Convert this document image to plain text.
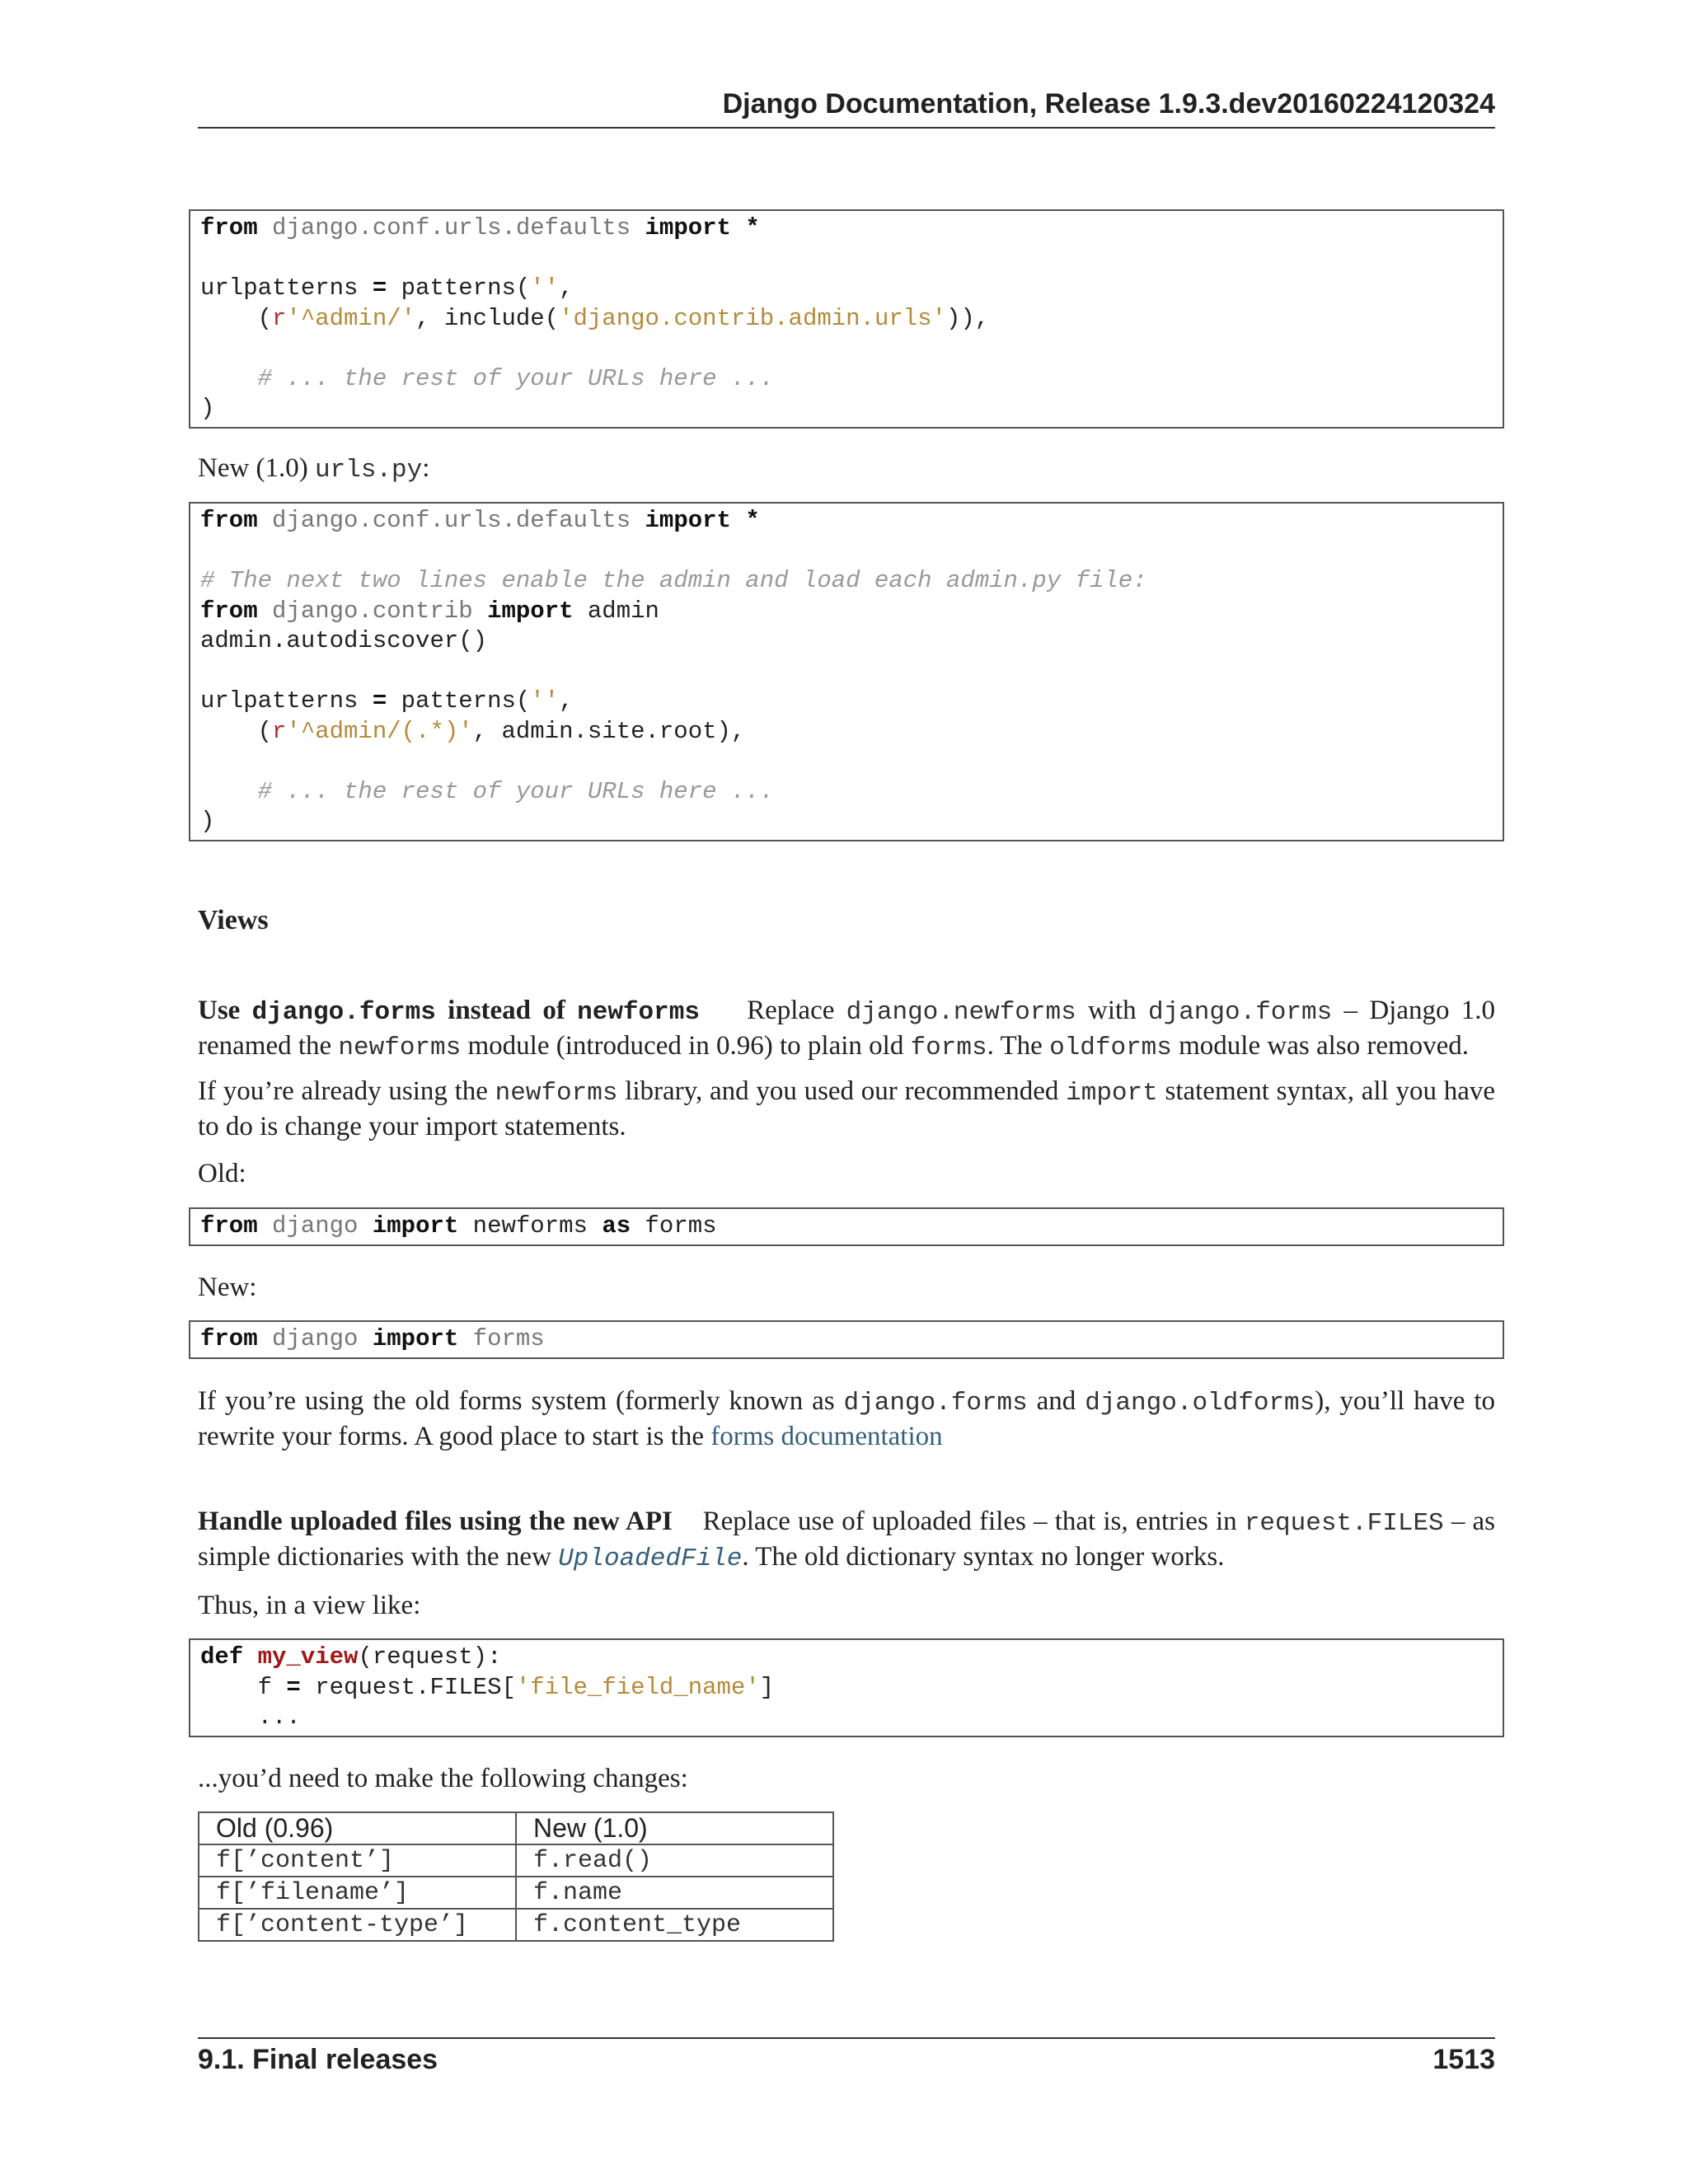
Django Documentation, Release 1.9.3.dev20160224120324
from django.conf.urls.defaults import *
urlpatterns = patterns('',
(r'^admin/', include('django.contrib.admin.urls')),
# ... the rest of your URLs here ...
)
New (1.0) urls.py:
from django.conf.urls.defaults import *
# The next two lines enable the admin and load each admin.py file:
from django.contrib import admin
admin.autodiscover()
urlpatterns = patterns('',
(r'^admin/(.*)', admin.site.root),
# ... the rest of your URLs here ...
)
Views
Use django.forms instead of newforms Replace django.newforms with django.forms – Django 1.0 renamed the newforms module (introduced in 0.96) to plain old forms. The oldforms module was also removed.
If you’re already using the newforms library, and you used our recommended import statement syntax, all you have to do is change your import statements.
Old:
from django import newforms as forms
New:
from django import forms
If you’re using the old forms system (formerly known as django.forms and django.oldforms), you’ll have to rewrite your forms. A good place to start is the forms documentation
Handle uploaded files using the new API Replace use of uploaded files – that is, entries in request.FILES – as simple dictionaries with the new UploadedFile. The old dictionary syntax no longer works.
Thus, in a view like:
def my_view(request):
f = request.FILES['file_field_name']
...
...you’d need to make the following changes:
Old (0.96)	New (1.0)
f[’content’]	f.read()
f[’filename’]	f.name
f[’content-type’]	f.content_type
9.1. Final releases	1513
